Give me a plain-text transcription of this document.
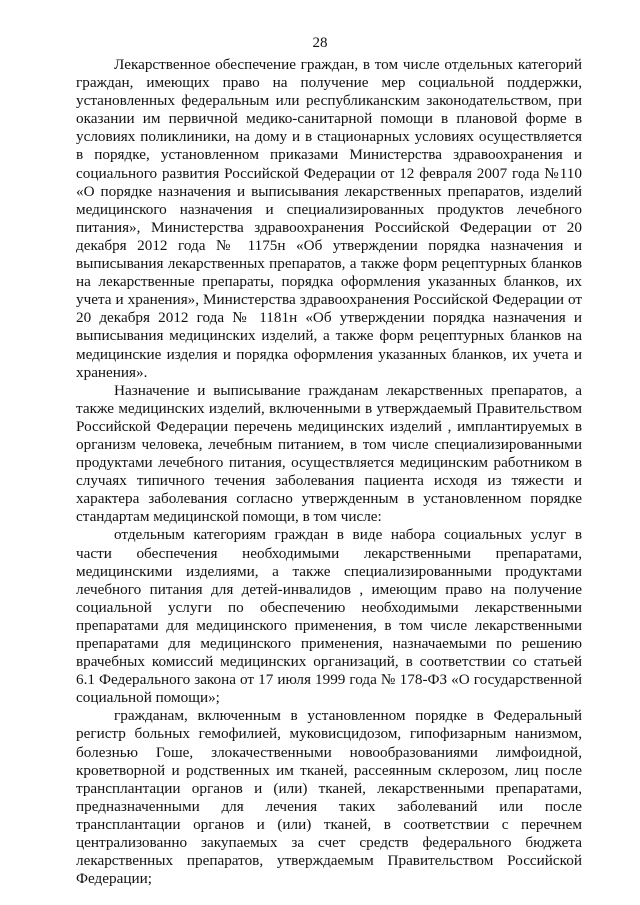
28

Лекарственное обеспечение граждан, в том числе отдельных категорий граждан, имеющих право на получение мер социальной поддержки, установленных федеральным или республиканским законодательством, при оказании им первичной медико-санитарной помощи в плановой форме в условиях поликлиники, на дому и в стационарных условиях осуществляется в порядке, установленном приказами Министерства здравоохранения и социального развития Российской Федерации от 12 февраля 2007 года №110 «О порядке назначения и выписывания лекарственных препаратов, изделий медицинского назначения и специализированных продуктов лечебного питания», Министерства здравоохранения Российской Федерации от 20 декабря 2012 года № 1175н «Об утверждении порядка назначения и выписывания лекарственных препаратов, а также форм рецептурных бланков на лекарственные препараты, порядка оформления указанных бланков, их учета и хранения», Министерства здравоохранения Российской Федерации от 20 декабря 2012 года № 1181н «Об утверждении порядка назначения и выписывания медицинских изделий, а также форм рецептурных бланков на медицинские изделия и порядка оформления указанных бланков, их учета и хранения».

Назначение и выписывание гражданам лекарственных препаратов, а также медицинских изделий, включенными в утверждаемый Правительством Российской Федерации перечень медицинских изделий , имплантируемых в организм человека, лечебным питанием, в том числе специализированными продуктами лечебного питания, осуществляется медицинским работником в случаях типичного течения заболевания пациента исходя из тяжести и характера заболевания согласно утвержденным в установленном порядке стандартам медицинской помощи, в том числе:

отдельным категориям граждан в виде набора социальных услуг в части обеспечения необходимыми лекарственными препаратами, медицинскими изделиями, а также специализированными продуктами лечебного питания для детей-инвалидов , имеющим право на получение социальной услуги по обеспечению необходимыми лекарственными препаратами для медицинского применения, в том числе лекарственными препаратами для медицинского применения, назначаемыми по решению врачебных комиссий медицинских организаций, в соответствии со статьей 6.1 Федерального закона от 17 июля 1999 года № 178-ФЗ «О государственной социальной помощи»;

гражданам, включенным в установленном порядке в Федеральный регистр больных гемофилией, муковисцидозом, гипофизарным нанизмом, болезнью Гоше, злокачественными новообразованиями лимфоидной, кроветворной и родственных им тканей, рассеянным склерозом, лиц после трансплантации органов и (или) тканей, лекарственными препаратами, предназначенными для лечения таких заболеваний или после трансплантации органов и (или) тканей, в соответствии с перечнем централизованно закупаемых за счет средств федерального бюджета лекарственных препаратов, утверждаемым Правительством Российской Федерации;
